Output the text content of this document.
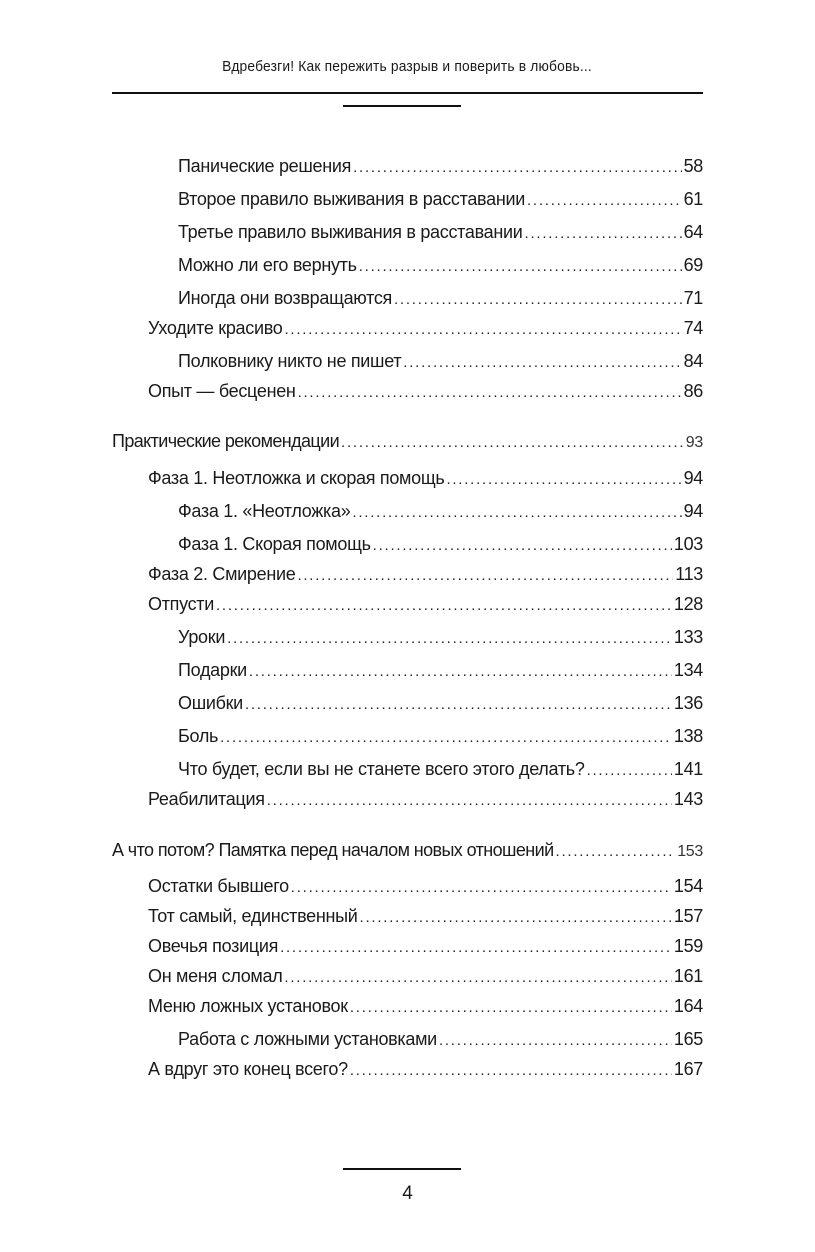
Вдребезги! Как пережить разрыв и поверить в любовь...
Панические решения . . .	58
Второе правило выживания в расставании . . .	61
Третье правило выживания в расставании . . .	64
Можно ли его вернуть . . .	69
Иногда они возвращаются . . .	71
Уходите красиво . . .	74
Полковнику никто не пишет . . .	84
Опыт — бесценен . . .	86
Практические рекомендации . . .	93
Фаза 1. Неотложка и скорая помощь . . .	94
Фаза 1. «Неотложка» . . .	94
Фаза 1. Скорая помощь . . .	103
Фаза 2. Смирение . . .	113
Отпусти . . .	128
Уроки . . .	133
Подарки . . .	134
Ошибки . . .	136
Боль . . .	138
Что будет, если вы не станете всего этого делать? . . .	141
Реабилитация . . .	143
А что потом? Памятка перед началом новых отношений . . .	153
Остатки бывшего . . .	154
Тот самый, единственный . . .	157
Овечья позиция . . .	159
Он меня сломал . . .	161
Меню ложных установок . . .	164
Работа с ложными установками . . .	165
А вдруг это конец всего? . . .	167
4
